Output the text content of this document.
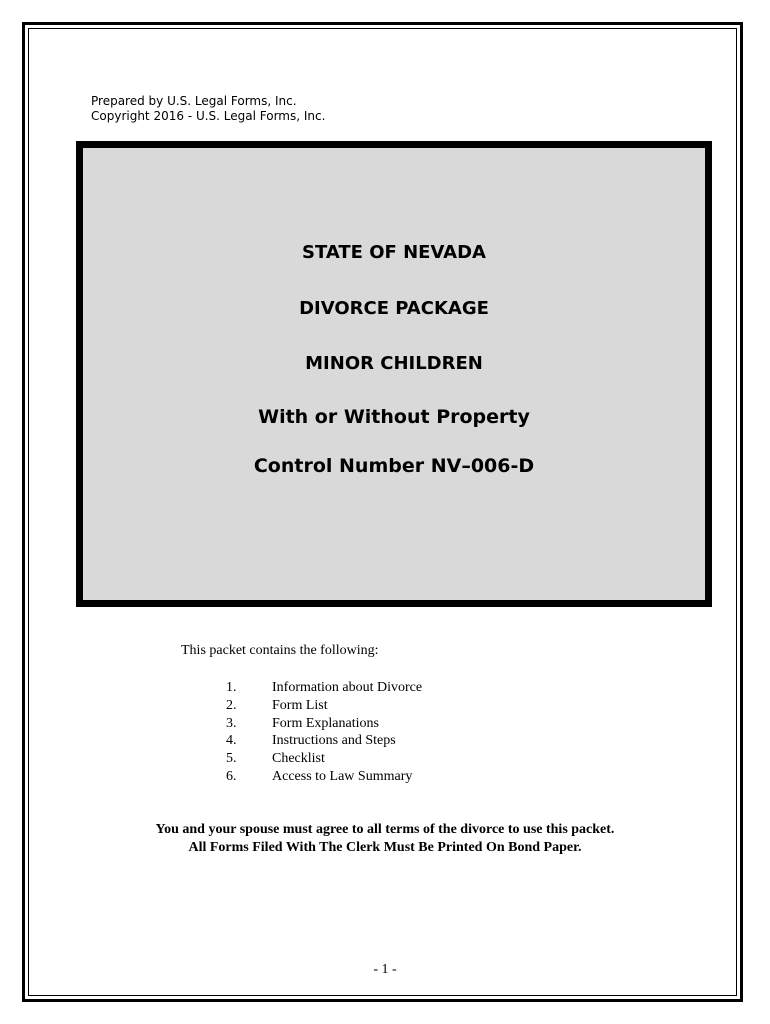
Prepared by U.S. Legal Forms, Inc.
Copyright 2016 - U.S. Legal Forms, Inc.
STATE OF NEVADA
DIVORCE PACKAGE
MINOR CHILDREN
With or Without Property
Control Number NV–006-D
This packet contains the following:
1.	Information about Divorce
2.	Form List
3.	Form Explanations
4.	Instructions and Steps
5.	Checklist
6.	Access to Law Summary
You and your spouse must agree to all terms of the divorce to use this packet.
All Forms Filed With The Clerk Must Be Printed On Bond Paper.
- 1 -
